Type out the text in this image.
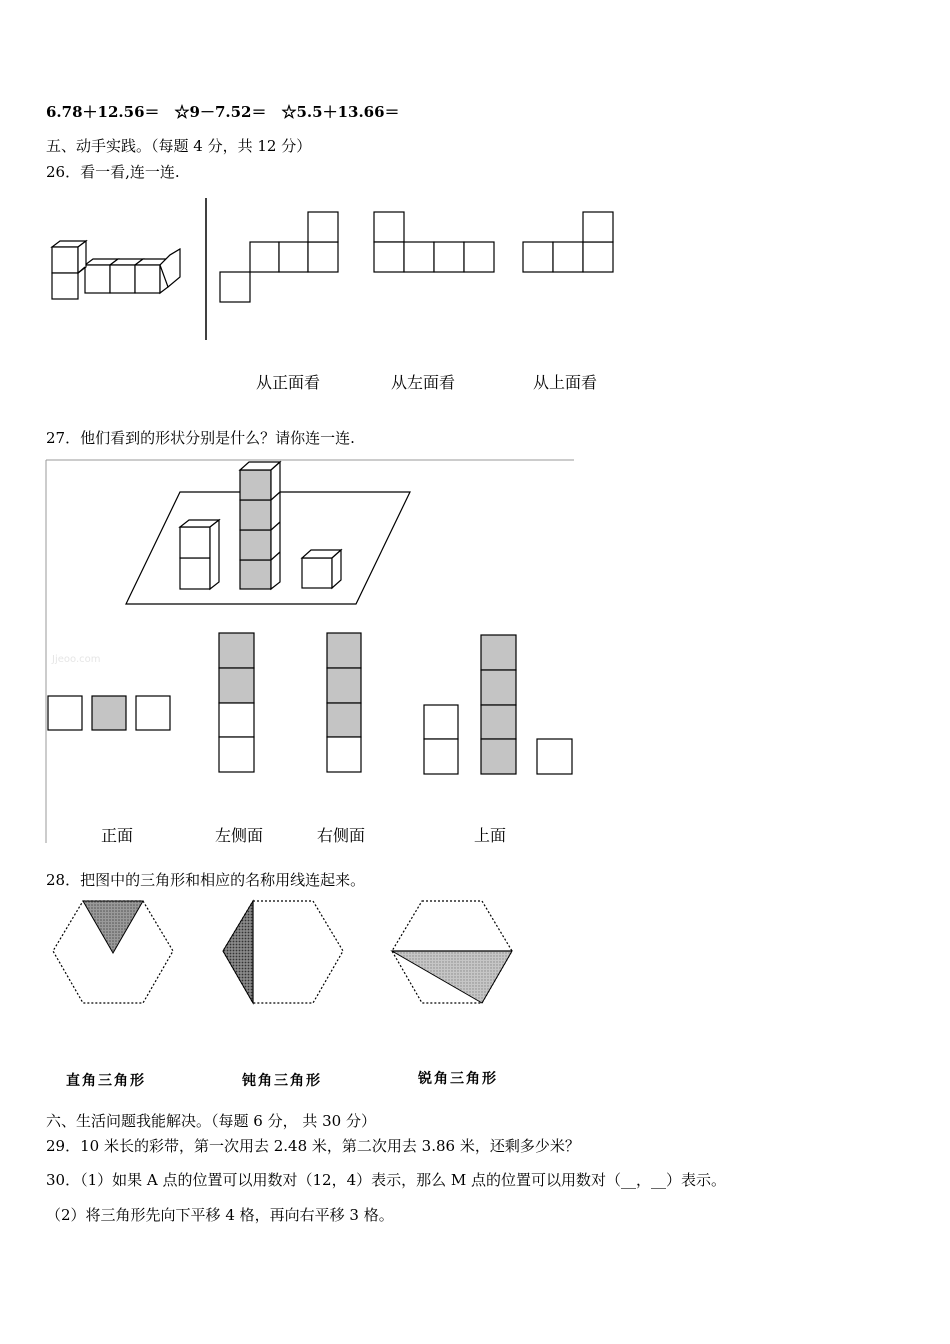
6.78＋12.56＝　☆9－7.52＝　☆5.5＋13.66＝
五、动手实践。（每题 4 分，共 12 分）
26．看一看,连一连.
从正面看	从左面看	从上面看
27．他们看到的形状分别是什么？请你连一连.
Jjeoo.com
正面	左侧面	右侧面	上面
28．把图中的三角形和相应的名称用线连起来。
直角三角形	钝角三角形	锐角三角形
六、生活问题我能解决。（每题 6 分， 共 30 分）
29．10 米长的彩带，第一次用去 2.48 米，第二次用去 3.86 米，还剩多少米？
30．（1）如果 A 点的位置可以用数对（12，4）表示，那么 M 点的位置可以用数对（__，__）表示。
（2）将三角形先向下平移 4 格，再向右平移 3 格。
